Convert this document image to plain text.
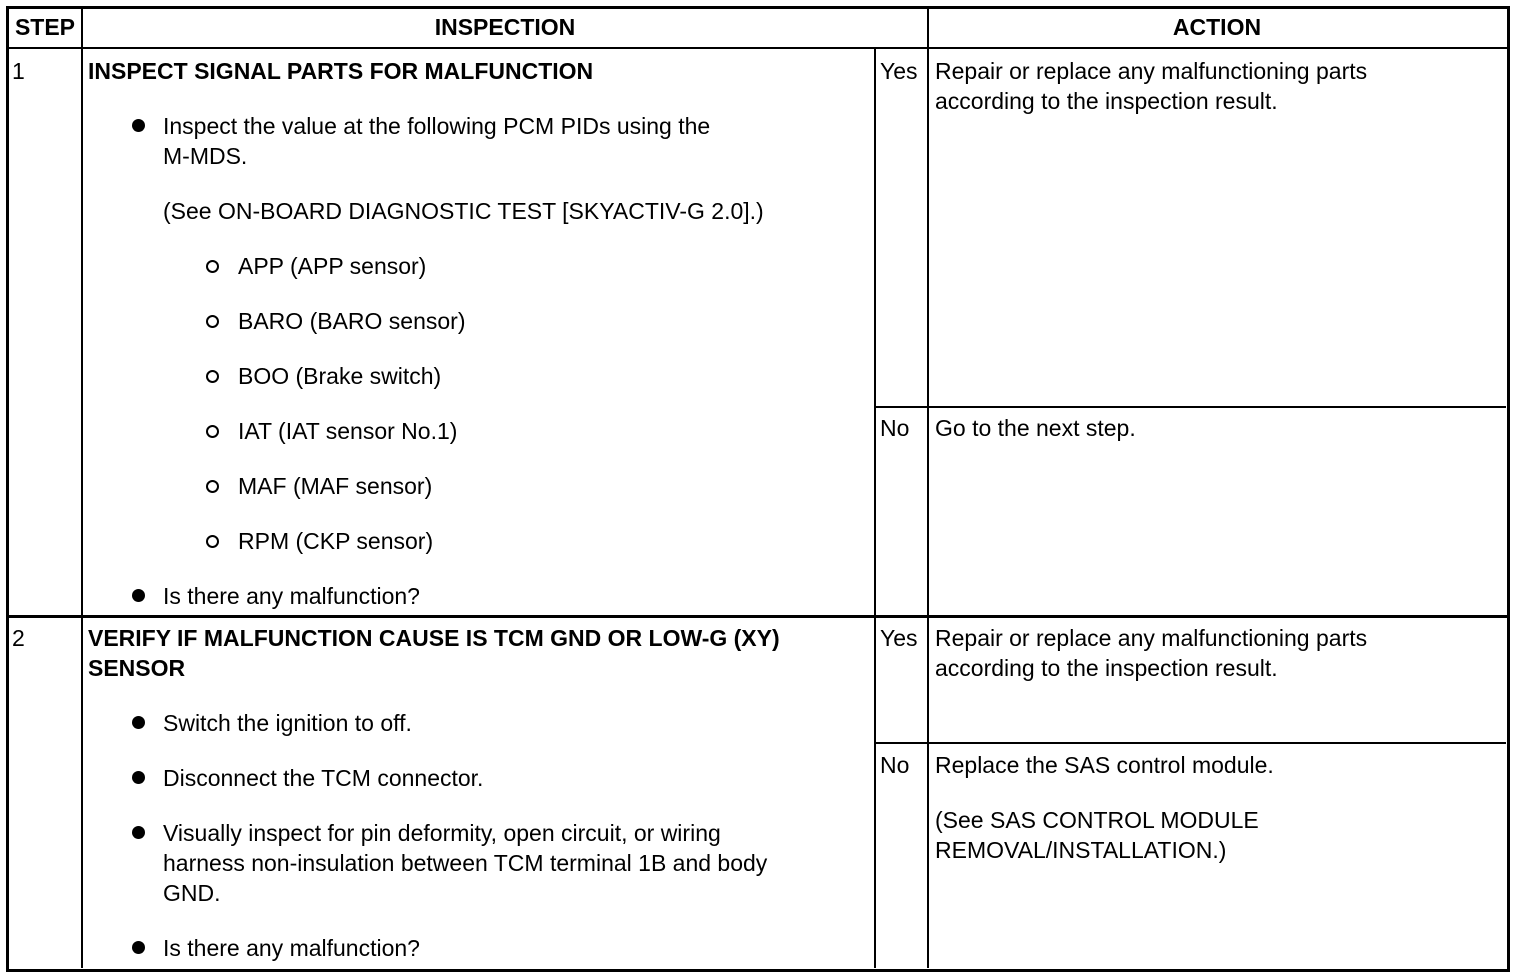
STEP	INSPECTION	ACTION
1	INSPECT SIGNAL PARTS FOR MALFUNCTION
Inspect the value at the following PCM PIDs using the
M-MDS.
(See ON-BOARD DIAGNOSTIC TEST [SKYACTIV-G 2.0].)
APP (APP sensor)
BARO (BARO sensor)
BOO (Brake switch)
IAT (IAT sensor No.1)
MAF (MAF sensor)
RPM (CKP sensor)
Is there any malfunction?
Yes Repair or replace any malfunctioning parts
according to the inspection result.
No Go to the next step.
2	VERIFY IF MALFUNCTION CAUSE IS TCM GND OR LOW-G (XY)
SENSOR
Switch the ignition to off.
Disconnect the TCM connector.
Visually inspect for pin deformity, open circuit, or wiring
harness non-insulation between TCM terminal 1B and body
GND.
Is there any malfunction?
Yes Repair or replace any malfunctioning parts
according to the inspection result.
No Replace the SAS control module.
(See SAS CONTROL MODULE
REMOVAL/INSTALLATION.)
